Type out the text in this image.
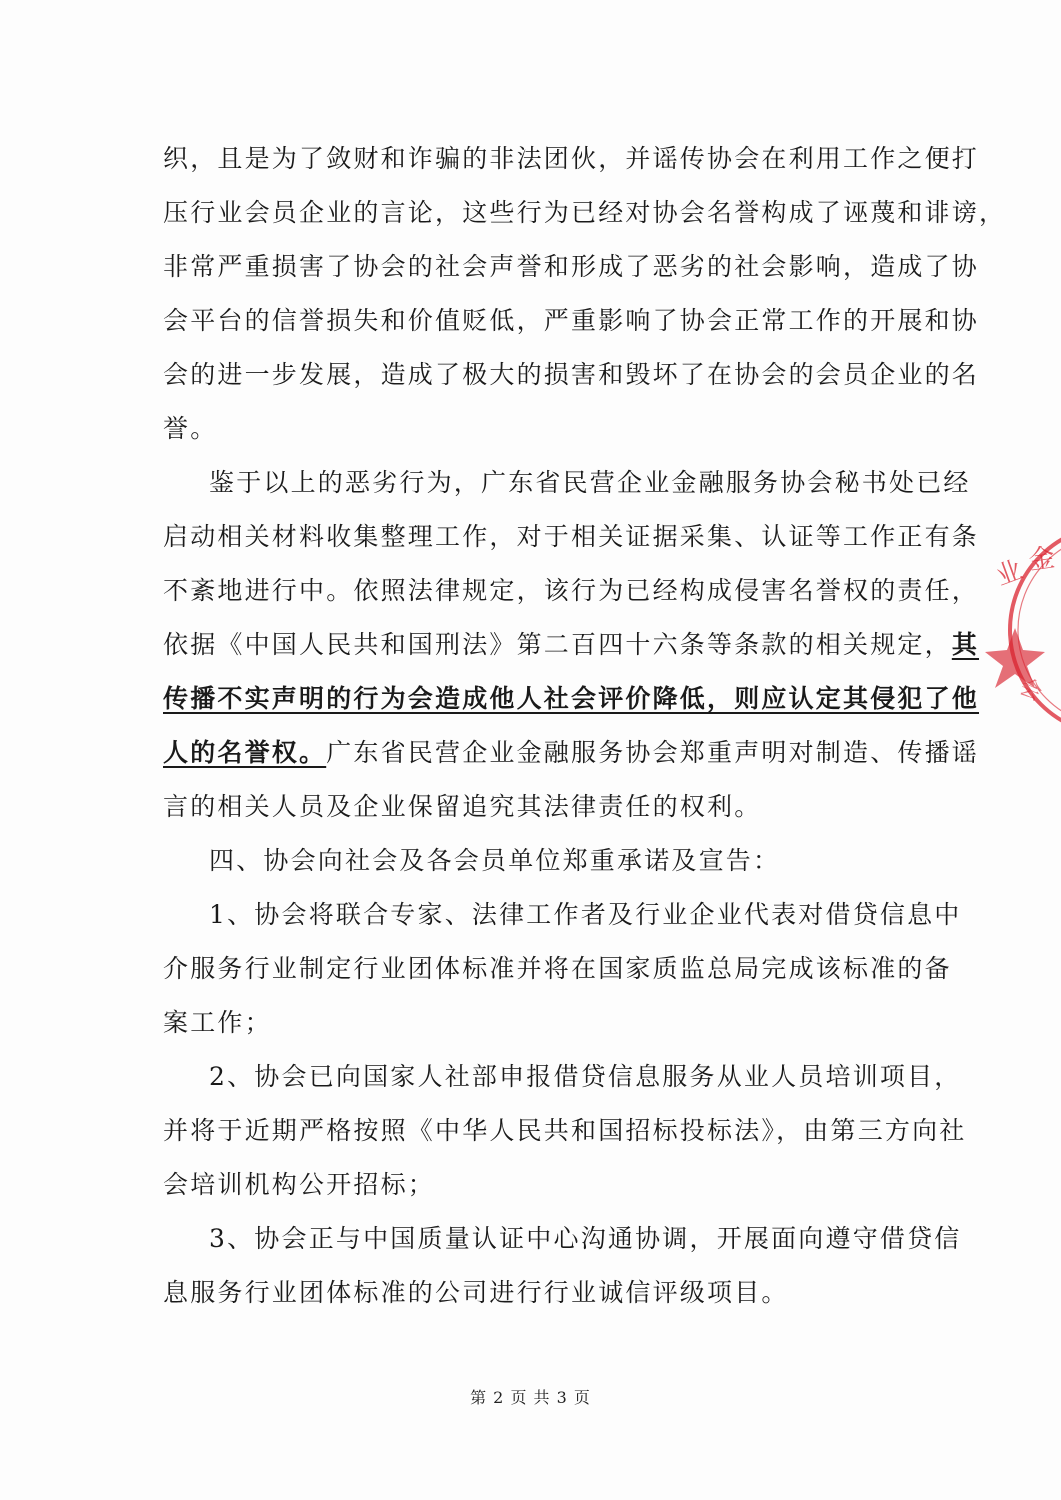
织，且是为了敛财和诈骗的非法团伙，并谣传协会在利用工作之便打
压行业会员企业的言论，这些行为已经对协会名誉构成了诬蔑和诽谤，
非常严重损害了协会的社会声誉和形成了恶劣的社会影响，造成了协
会平台的信誉损失和价值贬低，严重影响了协会正常工作的开展和协
会的进一步发展，造成了极大的损害和毁坏了在协会的会员企业的名
誉。
鉴于以上的恶劣行为，广东省民营企业金融服务协会秘书处已经
启动相关材料收集整理工作，对于相关证据采集、认证等工作正有条
不紊地进行中。依照法律规定，该行为已经构成侵害名誉权的责任，
依据《中国人民共和国刑法》第二百四十六条等条款的相关规定，其
传播不实声明的行为会造成他人社会评价降低，则应认定其侵犯了他
人的名誉权。广东省民营企业金融服务协会郑重声明对制造、传播谣
言的相关人员及企业保留追究其法律责任的权利。
四、协会向社会及各会员单位郑重承诺及宣告：
1、协会将联合专家、法律工作者及行业企业代表对借贷信息中
介服务行业制定行业团体标准并将在国家质监总局完成该标准的备
案工作；
2、协会已向国家人社部申报借贷信息服务从业人员培训项目，
并将于近期严格按照《中华人民共和国招标投标法》，由第三方向社
会培训机构公开招标；
3、协会正与中国质量认证中心沟通协调，开展面向遵守借贷信
息服务行业团体标准的公司进行行业诚信评级项目。
业 金
会
第 2 页 共 3 页
